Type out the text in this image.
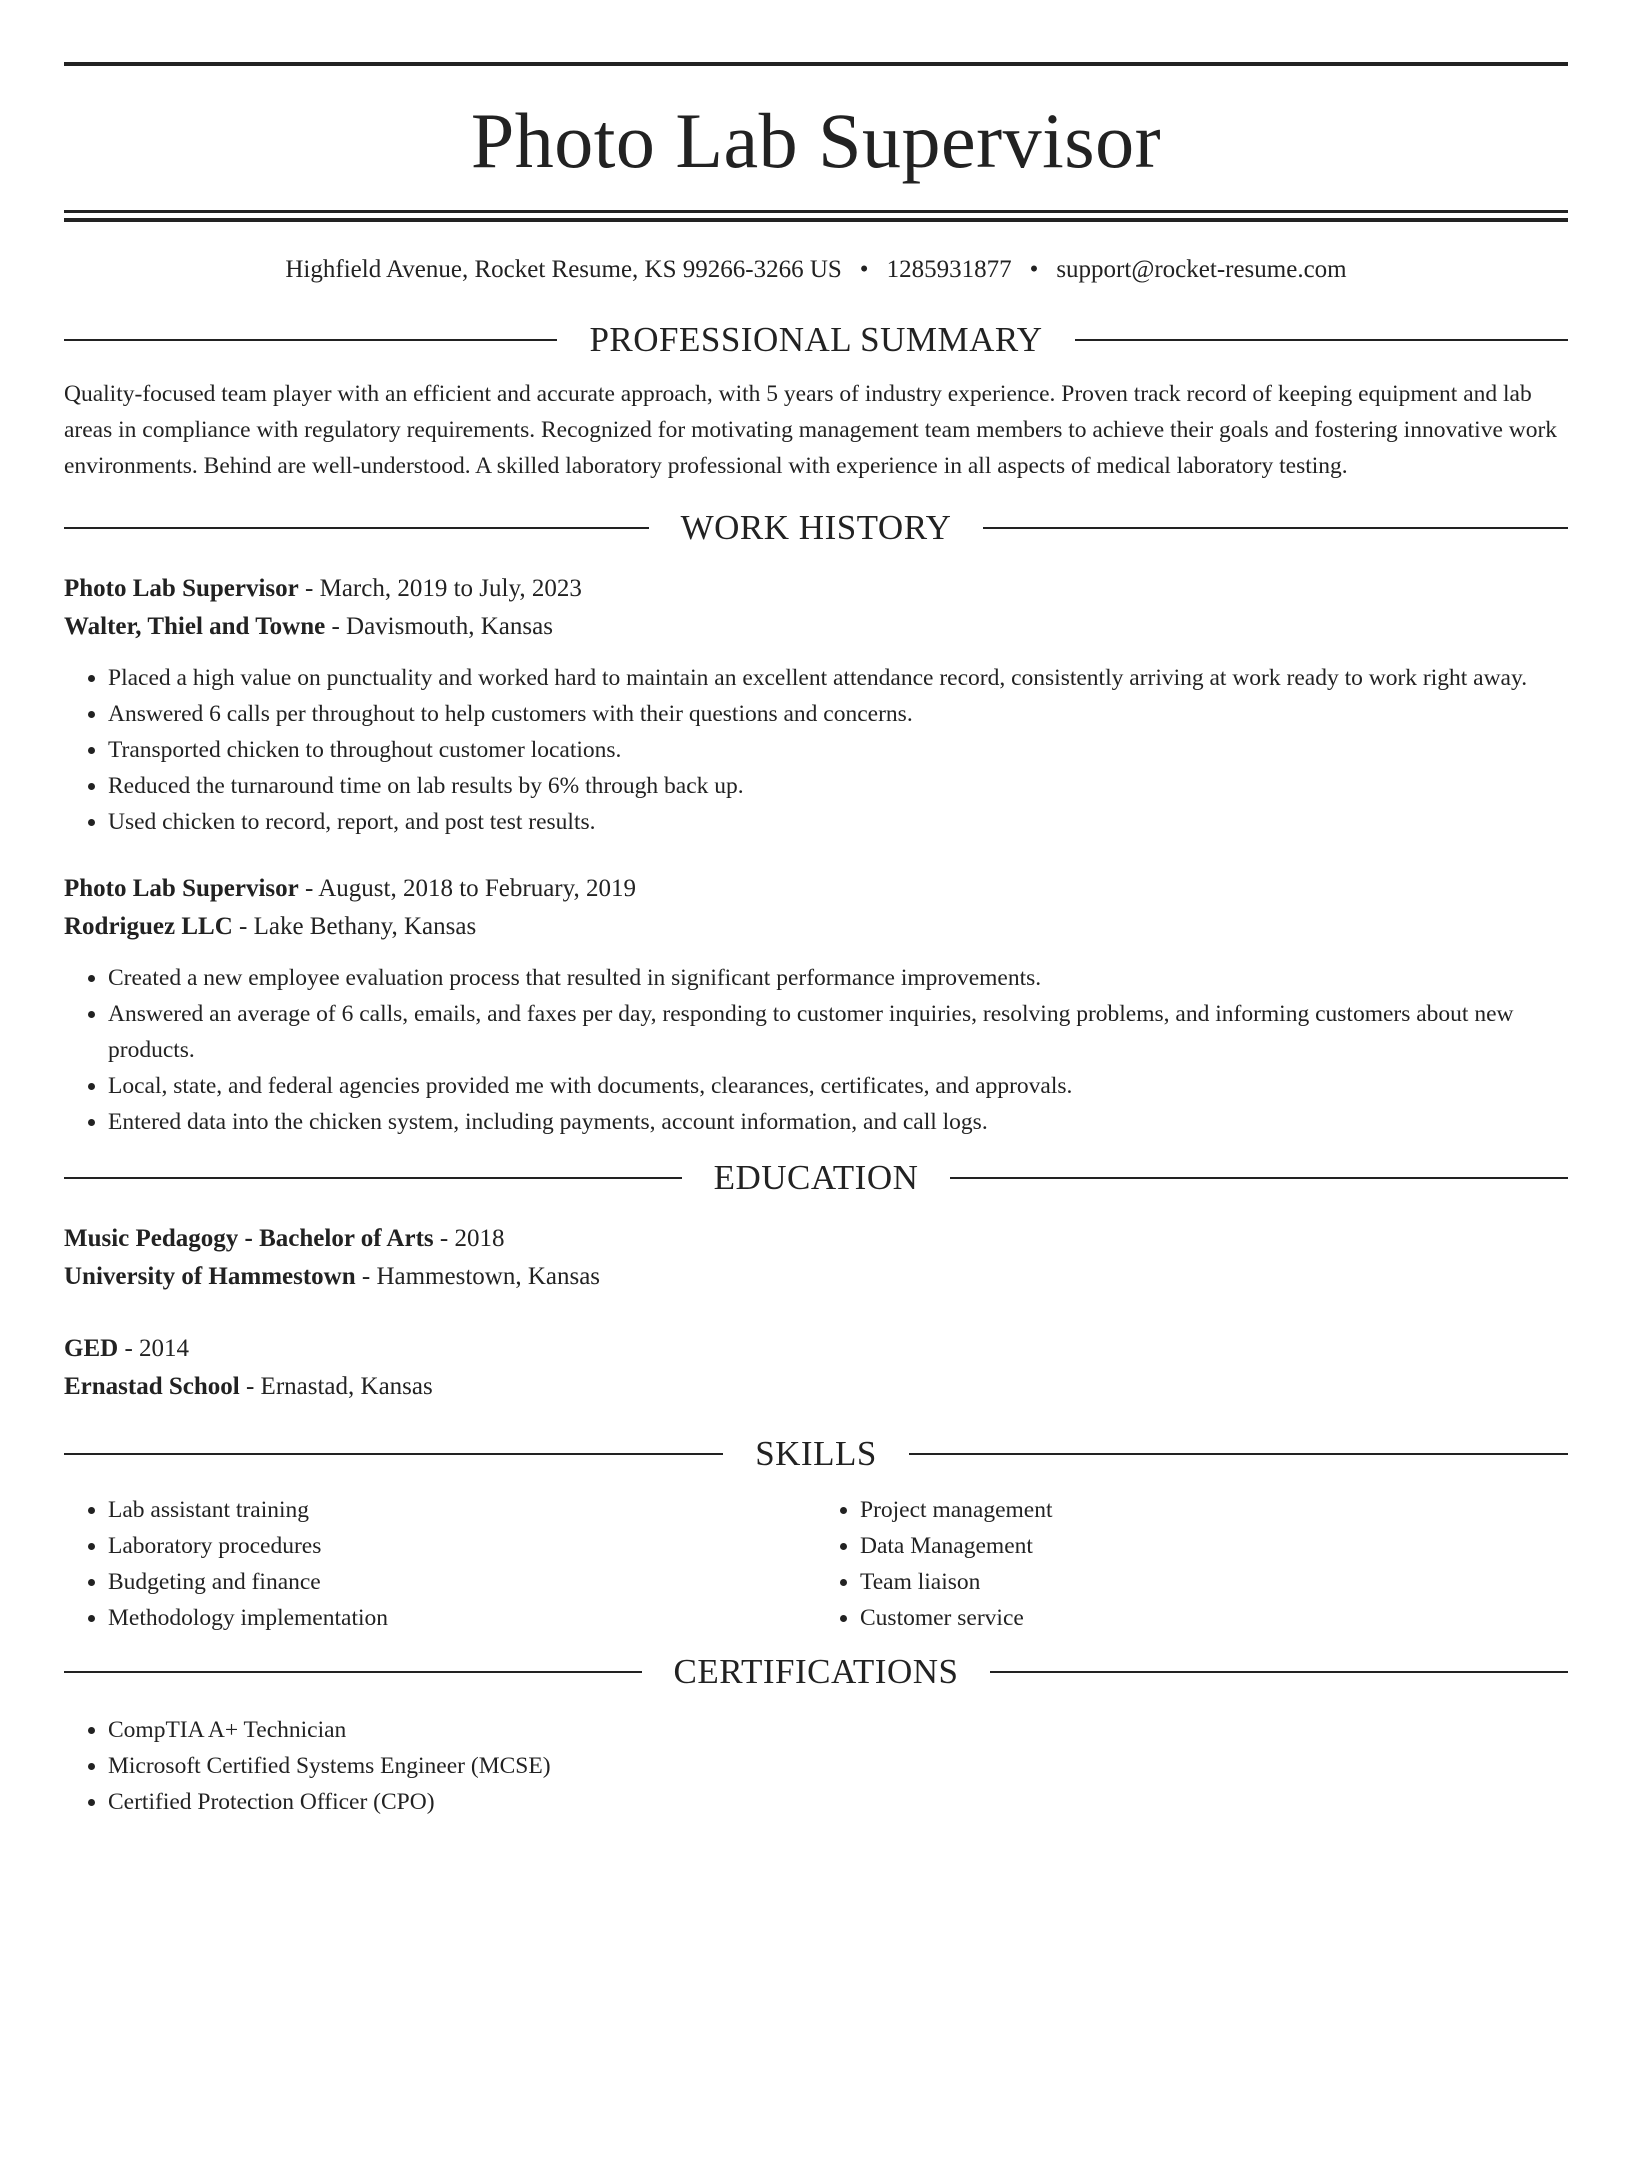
Photo Lab Supervisor
Highfield Avenue, Rocket Resume, KS 99266-3266 US • 1285931877 • support@rocket-resume.com
PROFESSIONAL SUMMARY
Quality-focused team player with an efficient and accurate approach, with 5 years of industry experience. Proven track record of keeping equipment and lab areas in compliance with regulatory requirements. Recognized for motivating management team members to achieve their goals and fostering innovative work environments. Behind are well-understood. A skilled laboratory professional with experience in all aspects of medical laboratory testing.
WORK HISTORY
Photo Lab Supervisor - March, 2019 to July, 2023
Walter, Thiel and Towne - Davismouth, Kansas
• Placed a high value on punctuality and worked hard to maintain an excellent attendance record, consistently arriving at work ready to work right away.
• Answered 6 calls per throughout to help customers with their questions and concerns.
• Transported chicken to throughout customer locations.
• Reduced the turnaround time on lab results by 6% through back up.
• Used chicken to record, report, and post test results.
Photo Lab Supervisor - August, 2018 to February, 2019
Rodriguez LLC - Lake Bethany, Kansas
• Created a new employee evaluation process that resulted in significant performance improvements.
• Answered an average of 6 calls, emails, and faxes per day, responding to customer inquiries, resolving problems, and informing customers about new products.
• Local, state, and federal agencies provided me with documents, clearances, certificates, and approvals.
• Entered data into the chicken system, including payments, account information, and call logs.
EDUCATION
Music Pedagogy - Bachelor of Arts - 2018
University of Hammestown - Hammestown, Kansas
GED - 2014
Ernastad School - Ernastad, Kansas
SKILLS
• Lab assistant training
• Laboratory procedures
• Budgeting and finance
• Methodology implementation
• Project management
• Data Management
• Team liaison
• Customer service
CERTIFICATIONS
• CompTIA A+ Technician
• Microsoft Certified Systems Engineer (MCSE)
• Certified Protection Officer (CPO)
